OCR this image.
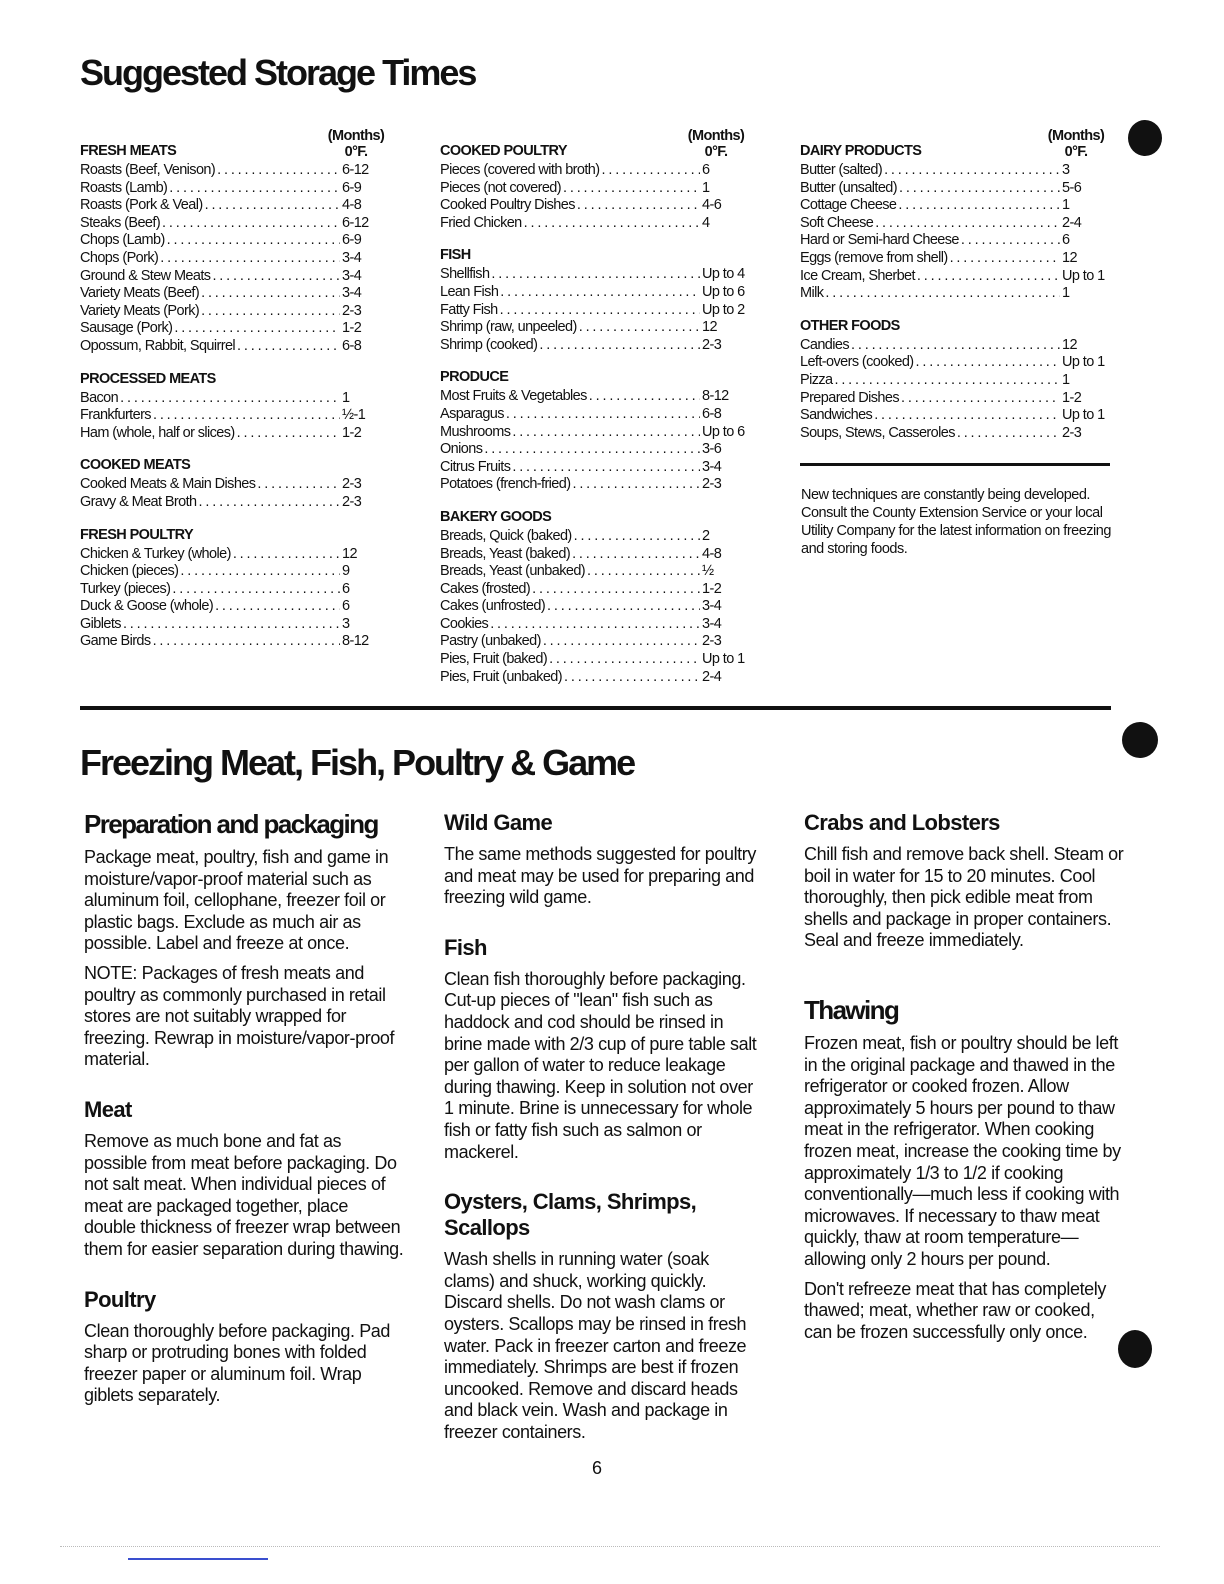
Suggested Storage Times
FRESH MEATS
(Months)
0°F.
Roasts (Beef, Venison) . . .	6-12
Roasts (Lamb) . . .	6-9
Roasts (Pork & Veal) . . .	4-8
Steaks (Beef) . . .	6-12
Chops (Lamb) . . .	6-9
Chops (Pork) . . .	3-4
Ground & Stew Meats . . .	3-4
Variety Meats (Beef) . . .	3-4
Variety Meats (Pork) . . .	2-3
Sausage (Pork) . . .	1-2
Opossum, Rabbit, Squirrel . . .	6-8
PROCESSED MEATS
Bacon . . .	1
Frankfurters . . .	½-1
Ham (whole, half or slices) . . .	1-2
COOKED MEATS
Cooked Meats & Main Dishes . . .	2-3
Gravy & Meat Broth . . .	2-3
FRESH POULTRY
Chicken & Turkey (whole) . . .	12
Chicken (pieces) . . .	9
Turkey (pieces) . . .	6
Duck & Goose (whole) . . .	6
Giblets . . .	3
Game Birds . . .	8-12
COOKED POULTRY
(Months)
0°F.
Pieces (covered with broth) . . .	6
Pieces (not covered) . . .	1
Cooked Poultry Dishes . . .	4-6
Fried Chicken . . .	4
FISH
Shellfish . . .	Up to 4
Lean Fish . . .	Up to 6
Fatty Fish . . .	Up to 2
Shrimp (raw, unpeeled) . . .	12
Shrimp (cooked) . . .	2-3
PRODUCE
Most Fruits & Vegetables . . .	8-12
Asparagus . . .	6-8
Mushrooms . . .	Up to 6
Onions . . .	3-6
Citrus Fruits . . .	3-4
Potatoes (french-fried) . . .	2-3
BAKERY GOODS
Breads, Quick (baked) . . .	2
Breads, Yeast (baked) . . .	4-8
Breads, Yeast (unbaked) . . .	½
Cakes (frosted) . . .	1-2
Cakes (unfrosted) . . .	3-4
Cookies . . .	3-4
Pastry (unbaked) . . .	2-3
Pies, Fruit (baked) . . .	Up to 1
Pies, Fruit (unbaked) . . .	2-4
DAIRY PRODUCTS
(Months)
0°F.
Butter (salted) . . .	3
Butter (unsalted) . . .	5-6
Cottage Cheese . . .	1
Soft Cheese . . .	2-4
Hard or Semi-hard Cheese . . .	6
Eggs (remove from shell) . . .	12
Ice Cream, Sherbet . . .	Up to 1
Milk . . .	1
OTHER FOODS
Candies . . .	12
Left-overs (cooked) . . .	Up to 1
Pizza . . .	1
Prepared Dishes . . .	1-2
Sandwiches . . .	Up to 1
Soups, Stews, Casseroles . . .	2-3
New techniques are constantly being developed. Consult the County Extension Service or your local Utility Company for the latest information on freezing and storing foods.
Freezing Meat, Fish, Poultry & Game
Preparation and packaging

Package meat, poultry, fish and game in moisture/vapor-proof material such as aluminum foil, cellophane, freezer foil or plastic bags. Exclude as much air as possible. Label and freeze at once.

NOTE: Packages of fresh meats and poultry as commonly purchased in retail stores are not suitably wrapped for freezing. Rewrap in moisture/vapor-proof material.

Meat

Remove as much bone and fat as possible from meat before packaging. Do not salt meat. When individual pieces of meat are packaged together, place double thickness of freezer wrap between them for easier separation during thawing.

Poultry

Clean thoroughly before packaging. Pad sharp or protruding bones with folded freezer paper or aluminum foil. Wrap giblets separately.

Wild Game

The same methods suggested for poultry and meat may be used for preparing and freezing wild game.

Fish

Clean fish thoroughly before packaging. Cut-up pieces of "lean" fish such as haddock and cod should be rinsed in brine made with 2/3 cup of pure table salt per gallon of water to reduce leakage during thawing. Keep in solution not over 1 minute. Brine is unnecessary for whole fish or fatty fish such as salmon or mackerel.

Oysters, Clams, Shrimps, Scallops

Wash shells in running water (soak clams) and shuck, working quickly. Discard shells. Do not wash clams or oysters. Scallops may be rinsed in fresh water. Pack in freezer carton and freeze immediately. Shrimps are best if frozen uncooked. Remove and discard heads and black vein. Wash and package in freezer containers.

Crabs and Lobsters

Chill fish and remove back shell. Steam or boil in water for 15 to 20 minutes. Cool thoroughly, then pick edible meat from shells and package in proper containers. Seal and freeze immediately.

Thawing

Frozen meat, fish or poultry should be left in the original package and thawed in the refrigerator or cooked frozen. Allow approximately 5 hours per pound to thaw meat in the refrigerator. When cooking frozen meat, increase the cooking time by approximately 1/3 to 1/2 if cooking conventionally—much less if cooking with microwaves. If necessary to thaw meat quickly, thaw at room temperature—allowing only 2 hours per pound.

Don't refreeze meat that has completely thawed; meat, whether raw or cooked, can be frozen successfully only once.

6
